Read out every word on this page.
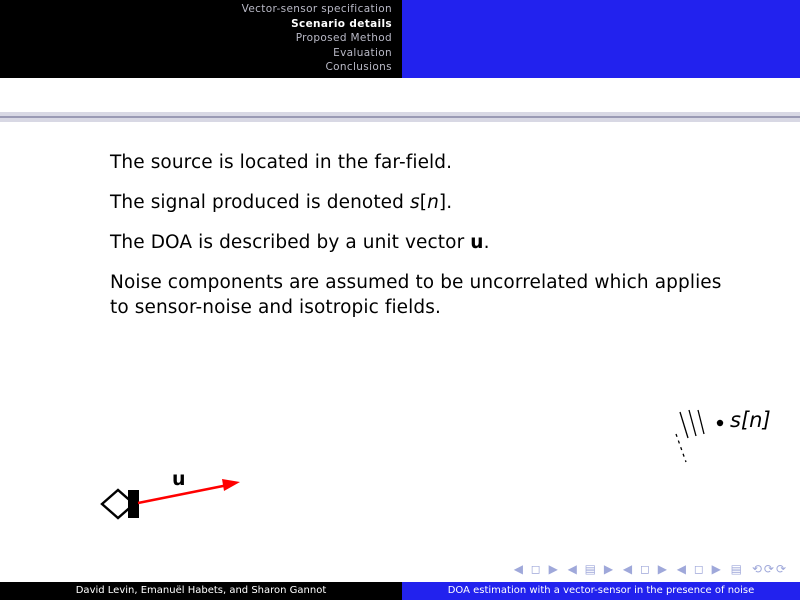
Vector-sensor specification
Scenario details
Proposed Method
Evaluation
Conclusions
The source is located in the far-field.
The signal produced is denoted s[n].
The DOA is described by a unit vector u.
Noise components are assumed to be uncorrelated which applies to sensor-noise and isotropic fields.
u
s[n]
◀ ◻ ▶ ◀ ▤ ▶ ◀ ◻ ▶ ◀ ◻ ▶ ▤ ⟲⟳⟳
David Levin, Emanuël Habets, and Sharon Gannot	DOA estimation with a vector-sensor in the presence of noise
